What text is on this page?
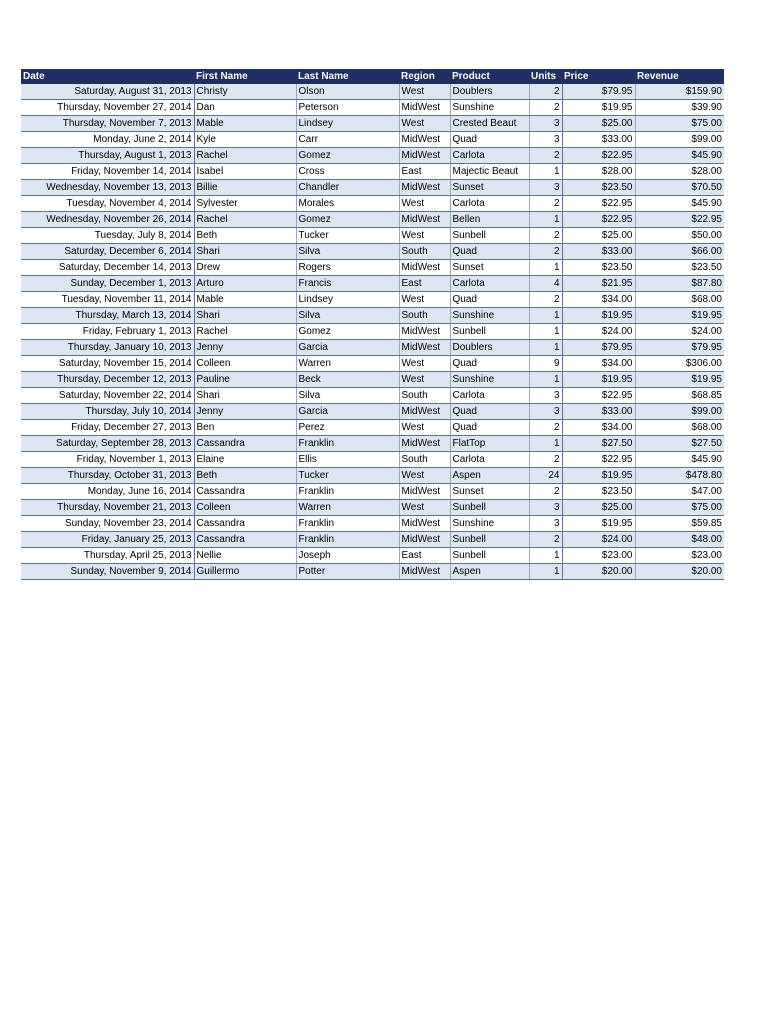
Date	First Name	Last Name	Region	Product	Units	Price	Revenue
Saturday, August 31, 2013	Christy	Olson	West	Doublers	2	$79.95	$159.90
Thursday, November 27, 2014	Dan	Peterson	MidWest	Sunshine	2	$19.95	$39.90
Thursday, November 7, 2013	Mable	Lindsey	West	Crested Beaut	3	$25.00	$75.00
Monday, June 2, 2014	Kyle	Carr	MidWest	Quad	3	$33.00	$99.00
Thursday, August 1, 2013	Rachel	Gomez	MidWest	Carlota	2	$22.95	$45.90
Friday, November 14, 2014	Isabel	Cross	East	Majectic Beaut	1	$28.00	$28.00
Wednesday, November 13, 2013	Billie	Chandler	MidWest	Sunset	3	$23.50	$70.50
Tuesday, November 4, 2014	Sylvester	Morales	West	Carlota	2	$22.95	$45.90
Wednesday, November 26, 2014	Rachel	Gomez	MidWest	Bellen	1	$22.95	$22.95
Tuesday, July 8, 2014	Beth	Tucker	West	Sunbell	2	$25.00	$50.00
Saturday, December 6, 2014	Shari	Silva	South	Quad	2	$33.00	$66.00
Saturday, December 14, 2013	Drew	Rogers	MidWest	Sunset	1	$23.50	$23.50
Sunday, December 1, 2013	Arturo	Francis	East	Carlota	4	$21.95	$87.80
Tuesday, November 11, 2014	Mable	Lindsey	West	Quad	2	$34.00	$68.00
Thursday, March 13, 2014	Shari	Silva	South	Sunshine	1	$19.95	$19.95
Friday, February 1, 2013	Rachel	Gomez	MidWest	Sunbell	1	$24.00	$24.00
Thursday, January 10, 2013	Jenny	Garcia	MidWest	Doublers	1	$79.95	$79.95
Saturday, November 15, 2014	Colleen	Warren	West	Quad	9	$34.00	$306.00
Thursday, December 12, 2013	Pauline	Beck	West	Sunshine	1	$19.95	$19.95
Saturday, November 22, 2014	Shari	Silva	South	Carlota	3	$22.95	$68.85
Thursday, July 10, 2014	Jenny	Garcia	MidWest	Quad	3	$33.00	$99.00
Friday, December 27, 2013	Ben	Perez	West	Quad	2	$34.00	$68.00
Saturday, September 28, 2013	Cassandra	Franklin	MidWest	FlatTop	1	$27.50	$27.50
Friday, November 1, 2013	Elaine	Ellis	South	Carlota	2	$22.95	$45.90
Thursday, October 31, 2013	Beth	Tucker	West	Aspen	24	$19.95	$478.80
Monday, June 16, 2014	Cassandra	Franklin	MidWest	Sunset	2	$23.50	$47.00
Thursday, November 21, 2013	Colleen	Warren	West	Sunbell	3	$25.00	$75.00
Sunday, November 23, 2014	Cassandra	Franklin	MidWest	Sunshine	3	$19.95	$59.85
Friday, January 25, 2013	Cassandra	Franklin	MidWest	Sunbell	2	$24.00	$48.00
Thursday, April 25, 2013	Nellie	Joseph	East	Sunbell	1	$23.00	$23.00
Sunday, November 9, 2014	Guillermo	Potter	MidWest	Aspen	1	$20.00	$20.00
